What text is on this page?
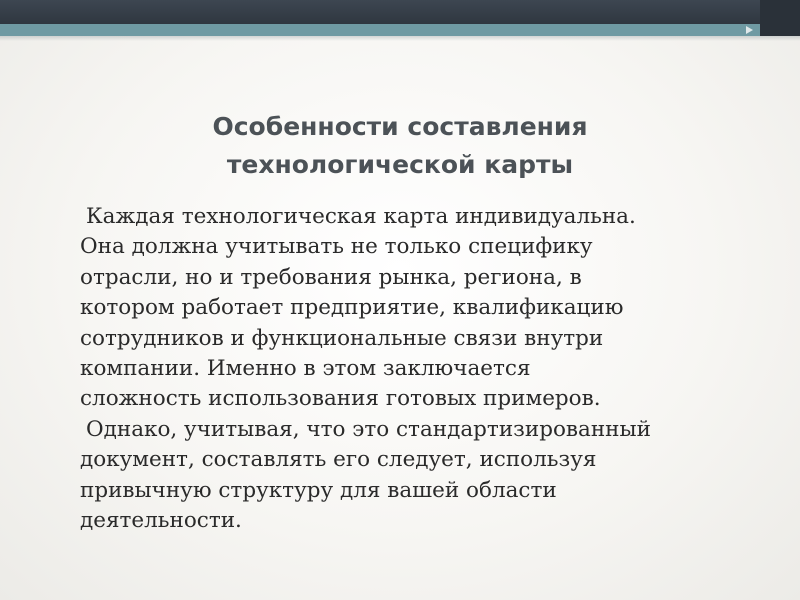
Особенности составления
технологической карты

Каждая технологическая карта индивидуальна.
Она должна учитывать не только специфику
отрасли, но и требования рынка, региона, в
котором работает предприятие, квалификацию
сотрудников и функциональные связи внутри
компании. Именно в этом заключается
сложность использования готовых примеров.

Однако, учитывая, что это стандартизированный
документ, составлять его следует, используя
привычную структуру для вашей области
деятельности.
